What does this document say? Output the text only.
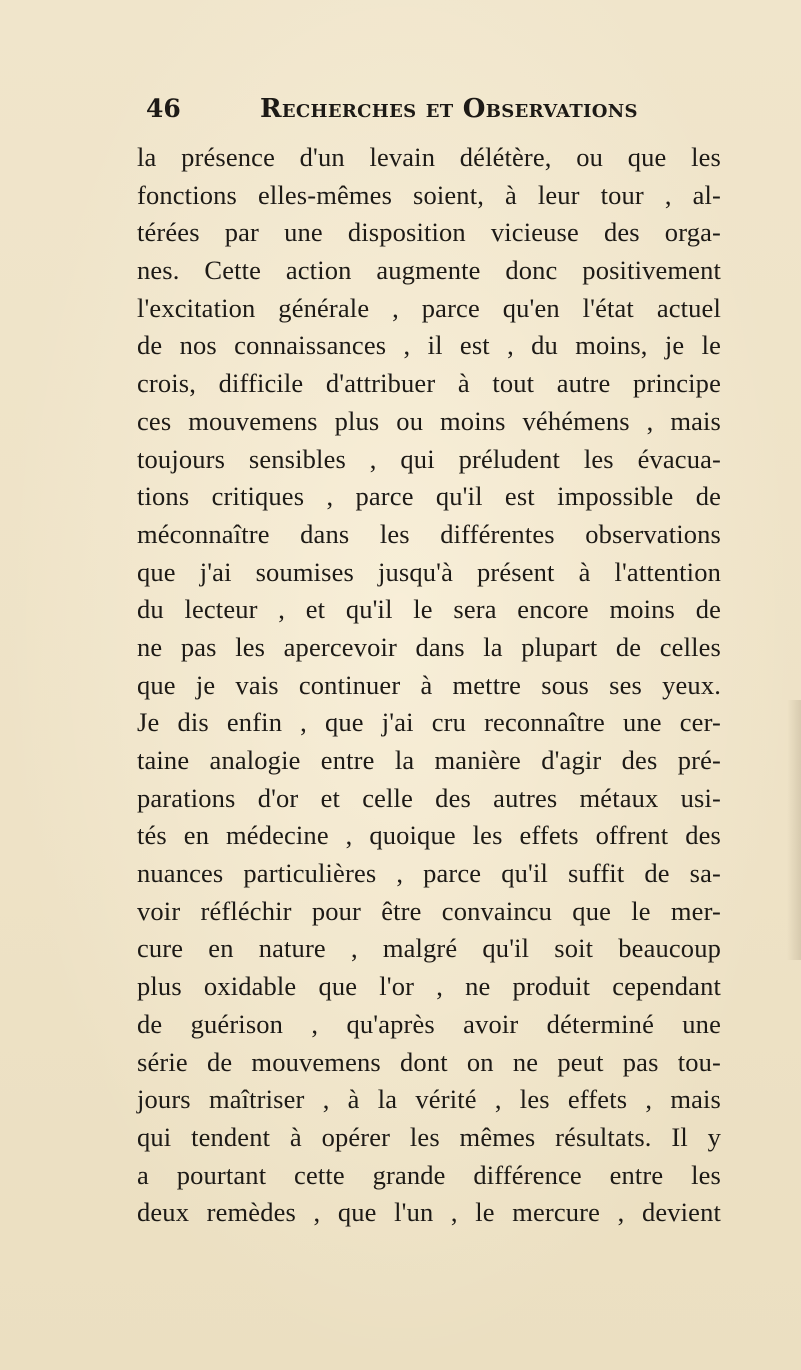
46	Recherches et Observations
la présence d'un levain délétère, ou que les
fonctions elles-mêmes soient, à leur tour , al-
térées par une disposition vicieuse des orga-
nes. Cette action augmente donc positivement
l'excitation générale , parce qu'en l'état actuel
de nos connaissances , il est , du moins, je le
crois, difficile d'attribuer à tout autre principe
ces mouvemens plus ou moins véhémens , mais
toujours sensibles , qui préludent les évacua-
tions critiques , parce qu'il est impossible de
méconnaître dans les différentes observations
que j'ai soumises jusqu'à présent à l'attention
du lecteur , et qu'il le sera encore moins de
ne pas les apercevoir dans la plupart de celles
que je vais continuer à mettre sous ses yeux.
Je dis enfin , que j'ai cru reconnaître une cer-
taine analogie entre la manière d'agir des pré-
parations d'or et celle des autres métaux usi-
tés en médecine , quoique les effets offrent des
nuances particulières , parce qu'il suffit de sa-
voir réfléchir pour être convaincu que le mer-
cure en nature , malgré qu'il soit beaucoup
plus oxidable que l'or , ne produit cependant
de guérison , qu'après avoir déterminé une
série de mouvemens dont on ne peut pas tou-
jours maîtriser , à la vérité , les effets , mais
qui tendent à opérer les mêmes résultats. Il y
a pourtant cette grande différence entre les
deux remèdes , que l'un , le mercure , devient
